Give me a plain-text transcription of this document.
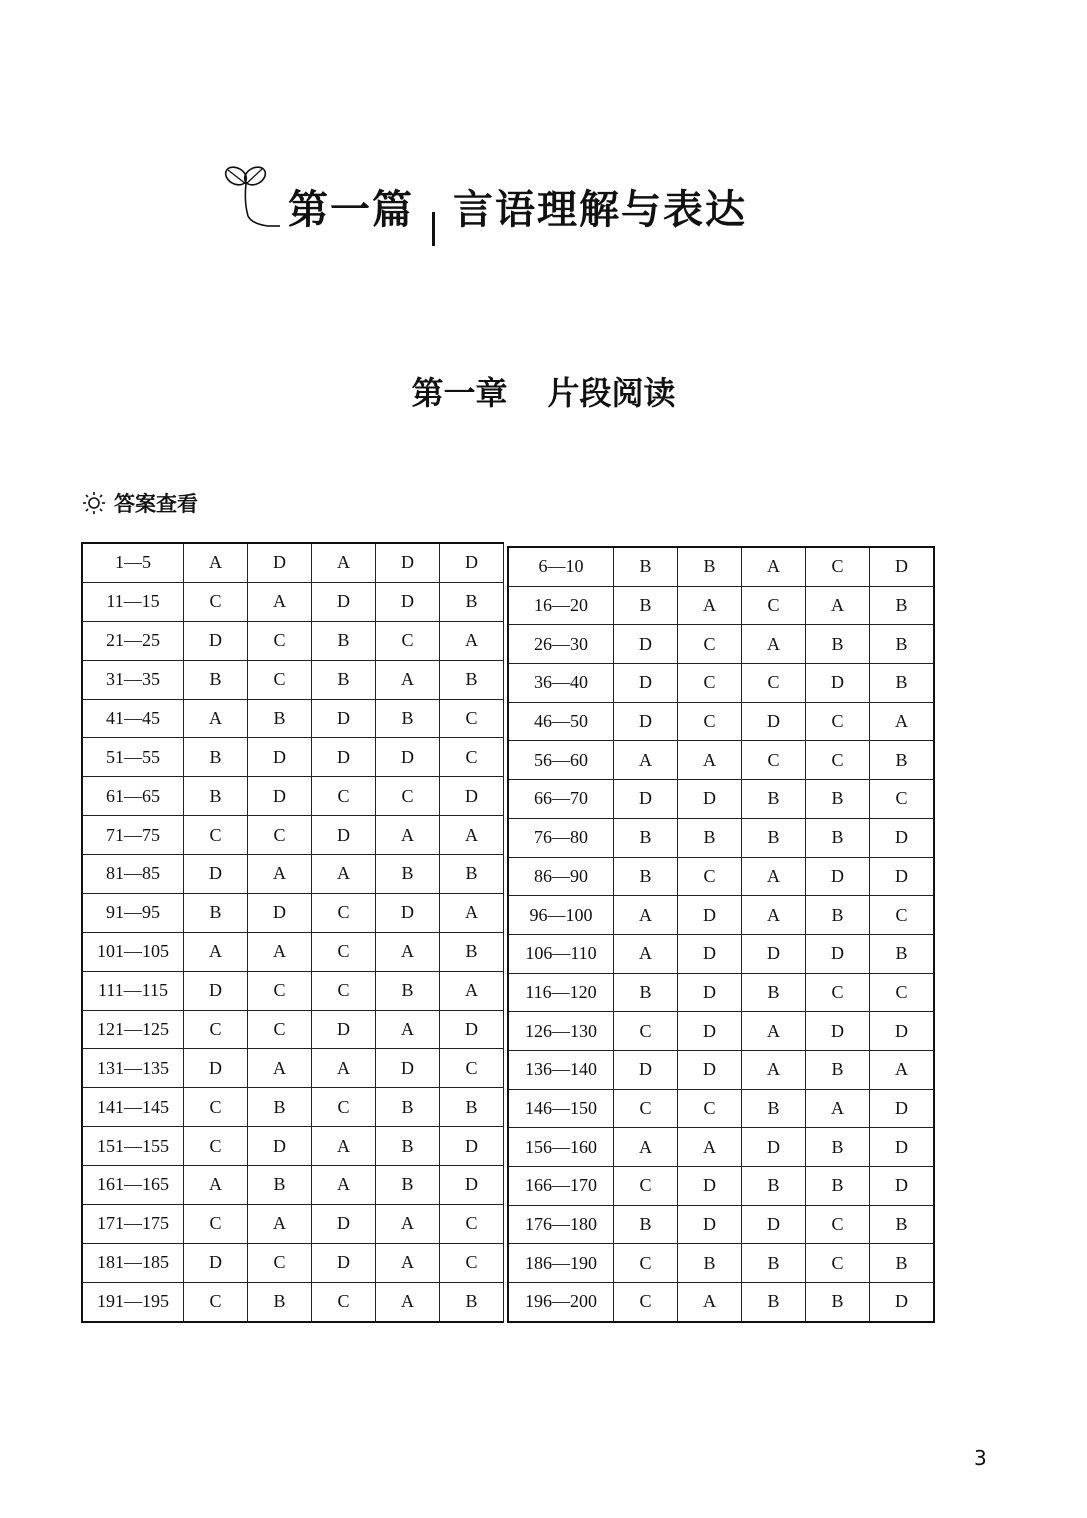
第一篇 言语理解与表达
第一章 片段阅读
答案查看
1—5	A	D	A	D	D
11—15	C	A	D	D	B
21—25	D	C	B	C	A
31—35	B	C	B	A	B
41—45	A	B	D	B	C
51—55	B	D	D	D	C
61—65	B	D	C	C	D
71—75	C	C	D	A	A
81—85	D	A	A	B	B
91—95	B	D	C	D	A
101—105	A	A	C	A	B
111—115	D	C	C	B	A
121—125	C	C	D	A	D
131—135	D	A	A	D	C
141—145	C	B	C	B	B
151—155	C	D	A	B	D
161—165	A	B	A	B	D
171—175	C	A	D	A	C
181—185	D	C	D	A	C
191—195	C	B	C	A	B
6—10	B	B	A	C	D
16—20	B	A	C	A	B
26—30	D	C	A	B	B
36—40	D	C	C	D	B
46—50	D	C	D	C	A
56—60	A	A	C	C	B
66—70	D	D	B	B	C
76—80	B	B	B	B	D
86—90	B	C	A	D	D
96—100	A	D	A	B	C
106—110	A	D	D	D	B
116—120	B	D	B	C	C
126—130	C	D	A	D	D
136—140	D	D	A	B	A
146—150	C	C	B	A	D
156—160	A	A	D	B	D
166—170	C	D	B	B	D
176—180	B	D	D	C	B
186—190	C	B	B	C	B
196—200	C	A	B	B	D
3
